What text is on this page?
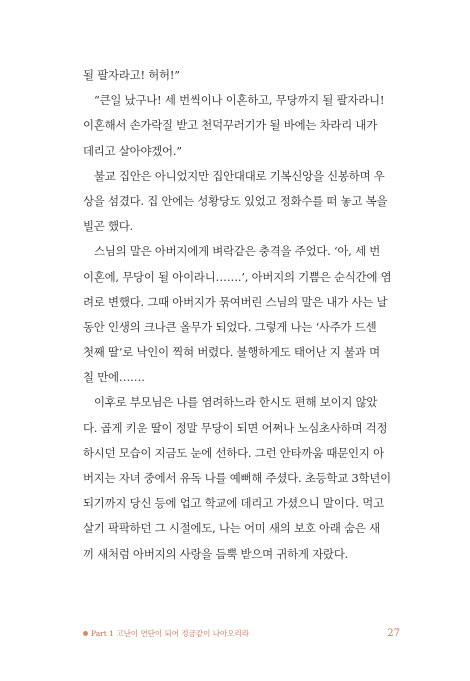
될 팔자라고! 허허!”
“큰일 났구나! 세 번씩이나 이혼하고, 무당까지 될 팔자라니!
이혼해서 손가락질 받고 천덕꾸러기가 될 바에는 차라리 내가
데리고 살아야겠어.”
불교 집안은 아니었지만 집안대대로 기복신앙을 신봉하며 우
상을 섬겼다. 집 안에는 성황당도 있었고 정화수를 떠 놓고 복을
빌곤 했다.
스님의 말은 아버지에게 벼락같은 충격을 주었다. ‘아, 세 번
이혼에, 무당이 될 아이라니…….’, 아버지의 기쁨은 순식간에 염
려로 변했다. 그때 아버지가 묶여버린 스님의 말은 내가 사는 날
동안 인생의 크나큰 올무가 되었다. 그렇게 나는 ‘사주가 드센
첫째 딸’로 낙인이 찍혀 버렸다. 불행하게도 태어난 지 불과 며
칠 만에…….
이후로 부모님은 나를 염려하느라 한시도 편해 보이지 않았
다. 곱게 키운 딸이 정말 무당이 되면 어쩌나 노심초사하며 걱정
하시던 모습이 지금도 눈에 선하다. 그런 안타까움 때문인지 아
버지는 자녀 중에서 유독 나를 예뻐해 주셨다. 초등학교 3학년이
되기까지 당신 등에 업고 학교에 데리고 가셨으니 말이다. 먹고
살기 팍팍하던 그 시절에도, 나는 어미 새의 보호 아래 숨은 새
끼 새처럼 아버지의 사랑을 듬뿍 받으며 귀하게 자랐다.
Part 1 고난이 연단이 되어 정금같이 나아오리라	27
